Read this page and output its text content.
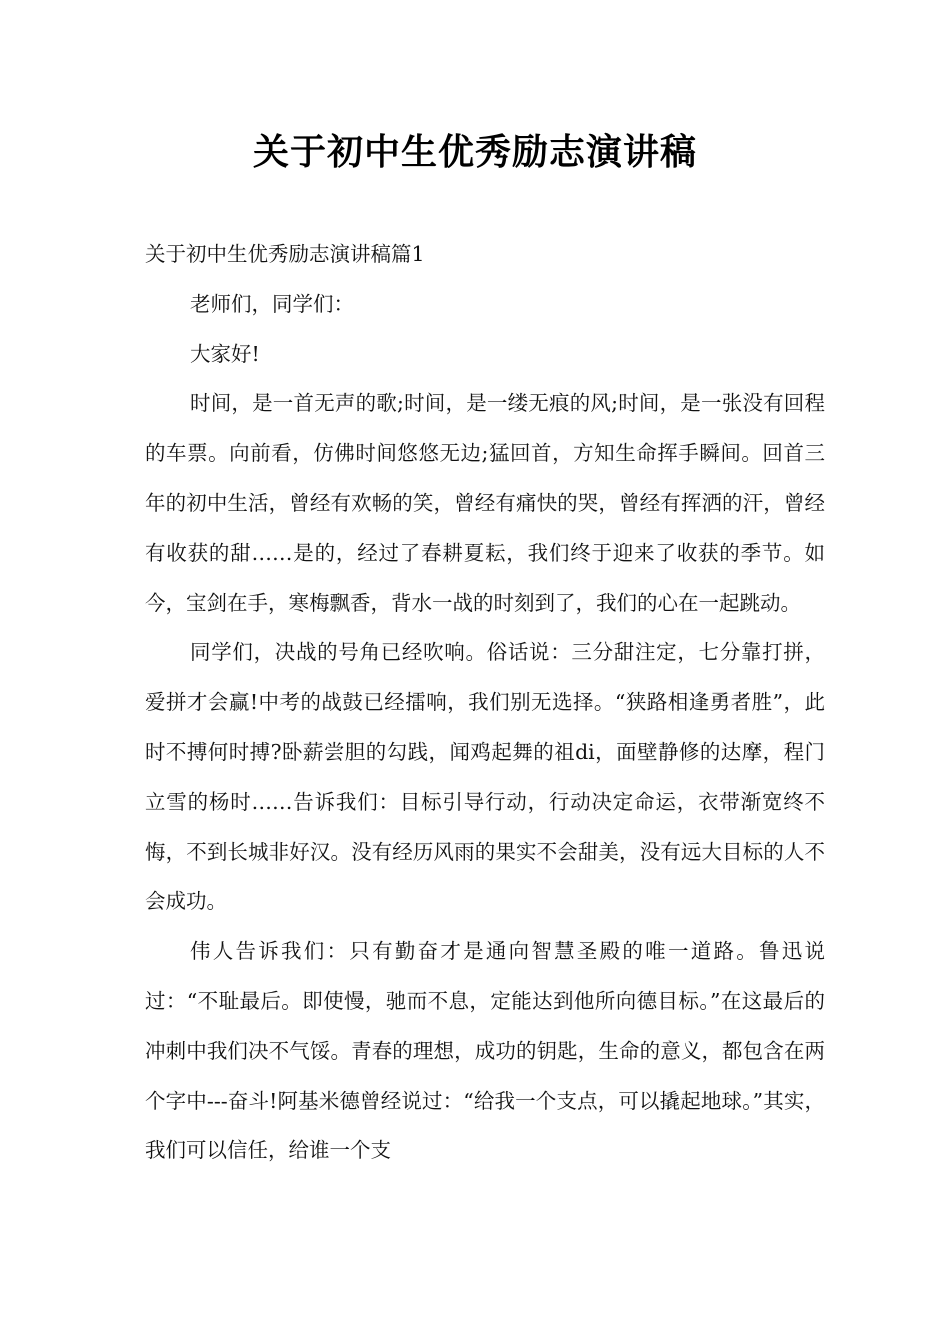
关于初中生优秀励志演讲稿

关于初中生优秀励志演讲稿篇1

老师们，同学们：

大家好!

时间，是一首无声的歌;时间，是一缕无痕的风;时间，是一张没有回程的车票。向前看，仿佛时间悠悠无边;猛回首，方知生命挥手瞬间。回首三年的初中生活，曾经有欢畅的笑，曾经有痛快的哭，曾经有挥洒的汗，曾经有收获的甜……是的，经过了春耕夏耘，我们终于迎来了收获的季节。如今，宝剑在手，寒梅飘香，背水一战的时刻到了，我们的心在一起跳动。

同学们，决战的号角已经吹响。俗话说：三分甜注定，七分靠打拼，爱拼才会赢!中考的战鼓已经擂响，我们别无选择。“狭路相逢勇者胜”，此时不搏何时搏?卧薪尝胆的勾践，闻鸡起舞的祖di，面壁静修的达摩，程门立雪的杨时……告诉我们：目标引导行动，行动决定命运，衣带渐宽终不悔，不到长城非好汉。没有经历风雨的果实不会甜美，没有远大目标的人不会成功。

伟人告诉我们：只有勤奋才是通向智慧圣殿的唯一道路。鲁迅说过：“不耻最后。即使慢，驰而不息，定能达到他所向德目标。”在这最后的冲刺中我们决不气馁。青春的理想，成功的钥匙，生命的意义，都包含在两个字中---奋斗!阿基米德曾经说过：“给我一个支点，可以撬起地球。”其实，我们可以信任，给谁一个支
